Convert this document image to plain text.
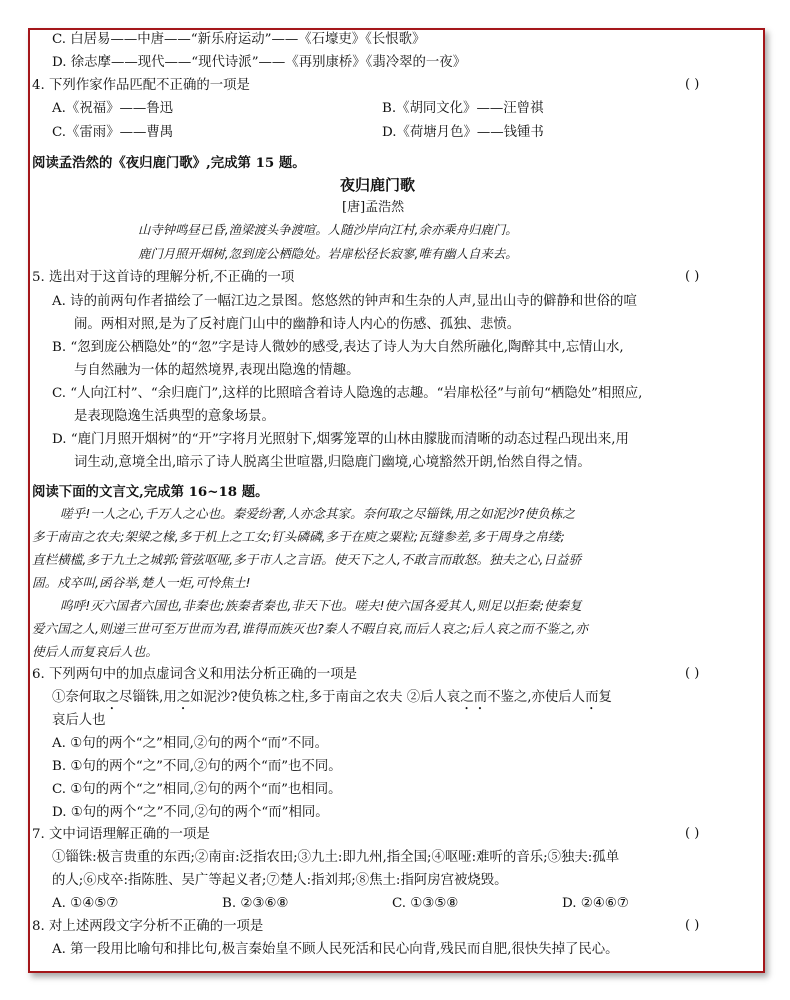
C. 白居易——中唐——“新乐府运动”——《石壕吏》《长恨歌》
D. 徐志摩——现代——“现代诗派”——《再别康桥》《翡冷翠的一夜》
4. 下列作家作品匹配不正确的一项是	( )
A.《祝福》——鲁迅	B.《胡同文化》——汪曾祺
C.《雷雨》——曹禺	D.《荷塘月色》——钱锺书
阅读孟浩然的《夜归鹿门歌》,完成第 15 题。
夜归鹿门歌
[唐]孟浩然
山寺钟鸣昼已昏,渔梁渡头争渡喧。人随沙岸向江村,余亦乘舟归鹿门。
鹿门月照开烟树,忽到庞公栖隐处。岩扉松径长寂寥,唯有幽人自来去。
5. 选出对于这首诗的理解分析,不正确的一项	( )
A. 诗的前两句作者描绘了一幅江边之景图。悠悠然的钟声和生杂的人声,显出山寺的僻静和世俗的喧
闹。两相对照,是为了反衬鹿门山中的幽静和诗人内心的伤感、孤独、悲愤。
B. “忽到庞公栖隐处”的“忽”字是诗人微妙的感受,表达了诗人为大自然所融化,陶醉其中,忘情山水,
与自然融为一体的超然境界,表现出隐逸的情趣。
C. “人向江村”、“余归鹿门”,这样的比照暗含着诗人隐逸的志趣。“岩扉松径”与前句“栖隐处”相照应,
是表现隐逸生活典型的意象场景。
D. “鹿门月照开烟树”的“开”字将月光照射下,烟雾笼罩的山林由朦胧而清晰的动态过程凸现出来,用
词生动,意境全出,暗示了诗人脱离尘世喧嚣,归隐鹿门幽境,心境豁然开朗,怡然自得之情。
阅读下面的文言文,完成第 16~18 题。
嗟乎!一人之心,千万人之心也。秦爱纷奢,人亦念其家。奈何取之尽锱铢,用之如泥沙?使负栋之
多于南亩之农夫;架梁之椽,多于机上之工女;钉头磷磷,多于在庾之粟粒;瓦缝参差,多于周身之帛缕;
直栏横槛,多于九土之城郭;管弦呕哑,多于市人之言语。使天下之人,不敢言而敢怒。独夫之心,日益骄
固。戍卒叫,函谷举,楚人一炬,可怜焦土!
呜呼!灭六国者六国也,非秦也;族秦者秦也,非天下也。嗟夫!使六国各爱其人,则足以拒秦;使秦复
爱六国之人,则递三世可至万世而为君,谁得而族灭也?秦人不暇自哀,而后人哀之;后人哀之而不鉴之,亦
使后人而复哀后人也。
6. 下列两句中的加点虚词含义和用法分析正确的一项是	( )
①奈何取之尽锱铢,用之如泥沙?使负栋之柱,多于南亩之农夫 ②后人哀之而不鉴之,亦使后人而复
哀后人也
A. ①句的两个“之”相同,②句的两个“而”不同。
B. ①句的两个“之”不同,②句的两个“而”也不同。
C. ①句的两个“之”相同,②句的两个“而”也相同。
D. ①句的两个“之”不同,②句的两个“而”相同。
7. 文中词语理解正确的一项是	( )
①锱铢:极言贵重的东西;②南亩:泛指农田;③九土:即九州,指全国;④呕哑:难听的音乐;⑤独夫:孤单
的人;⑥戍卒:指陈胜、吴广等起义者;⑦楚人:指刘邦;⑧焦土:指阿房宫被烧毁。
A. ①④⑤⑦	B. ②③⑥⑧	C. ①③⑤⑧	D. ②④⑥⑦
8. 对上述两段文字分析不正确的一项是	( )
A. 第一段用比喻句和排比句,极言秦始皇不顾人民死活和民心向背,残民而自肥,很快失掉了民心。
